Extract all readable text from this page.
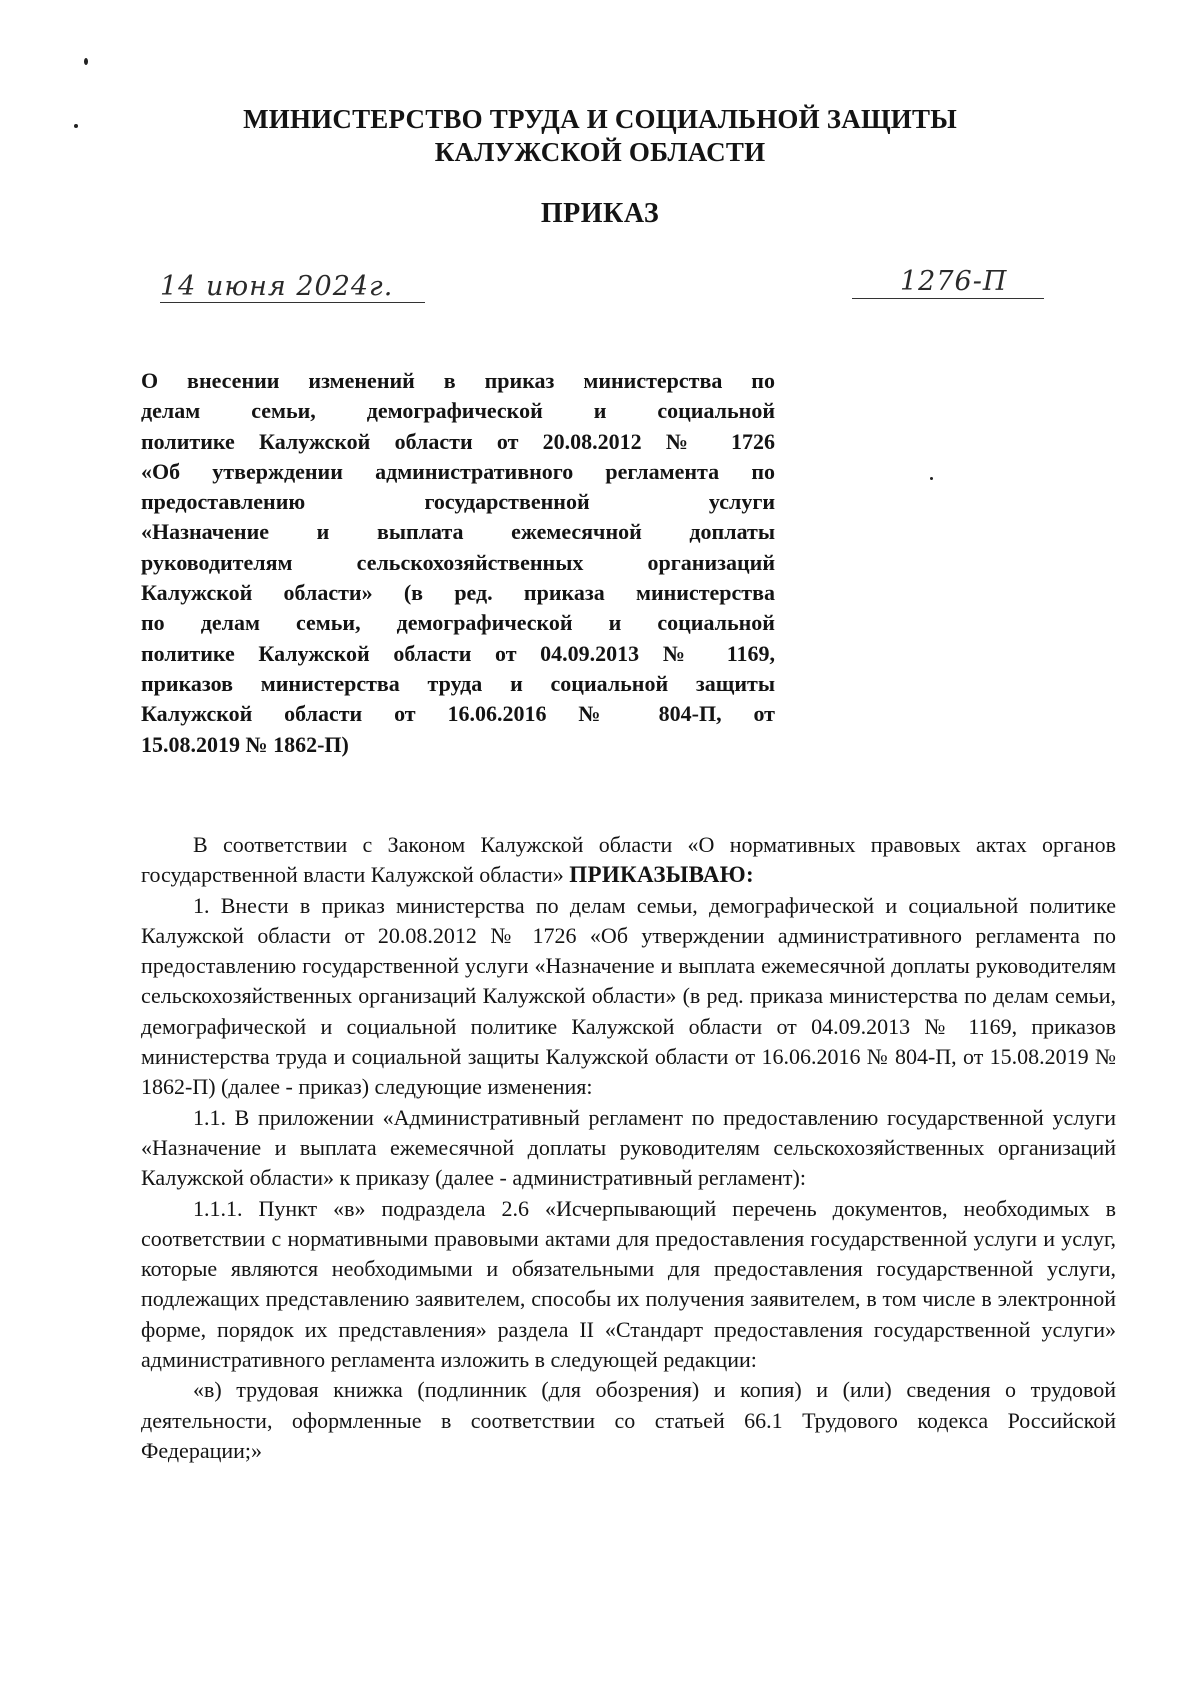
МИНИСТЕРСТВО ТРУДА И СОЦИАЛЬНОЙ ЗАЩИТЫ
КАЛУЖСКОЙ ОБЛАСТИ
ПРИКАЗ
14 июня 2024г.	1276-П
О внесении изменений в приказ министерства по
делам семьи, демографической и социальной
политике Калужской области от 20.08.2012 № 1726
«Об утверждении административного регламента по
предоставлению государственной услуги
«Назначение и выплата ежемесячной доплаты
руководителям сельскохозяйственных организаций
Калужской области» (в ред. приказа министерства
по делам семьи, демографической и социальной
политике Калужской области от 04.09.2013 № 1169,
приказов министерства труда и социальной защиты
Калужской области от 16.06.2016 № 804-П, от
15.08.2019 № 1862-П)

В соответствии с Законом Калужской области «О нормативных правовых актах органов государственной власти Калужской области» ПРИКАЗЫВАЮ:

1. Внести в приказ министерства по делам семьи, демографической и социальной политике Калужской области от 20.08.2012 № 1726 «Об утверждении административного регламента по предоставлению государственной услуги «Назначение и выплата ежемесячной доплаты руководителям сельскохозяйственных организаций Калужской области» (в ред. приказа министерства по делам семьи, демографической и социальной политике Калужской области от 04.09.2013 № 1169, приказов министерства труда и социальной защиты Калужской области от 16.06.2016 № 804-П, от 15.08.2019 № 1862-П) (далее - приказ) следующие изменения:

1.1. В приложении «Административный регламент по предоставлению государственной услуги «Назначение и выплата ежемесячной доплаты руководителям сельскохозяйственных организаций Калужской области» к приказу (далее - административный регламент):

1.1.1. Пункт «в» подраздела 2.6 «Исчерпывающий перечень документов, необходимых в соответствии с нормативными правовыми актами для предоставления государственной услуги и услуг, которые являются необходимыми и обязательными для предоставления государственной услуги, подлежащих представлению заявителем, способы их получения заявителем, в том числе в электронной форме, порядок их представления» раздела II «Стандарт предоставления государственной услуги» административного регламента изложить в следующей редакции:

«в) трудовая книжка (подлинник (для обозрения) и копия) и (или) сведения о трудовой деятельности, оформленные в соответствии со статьей 66.1 Трудового кодекса Российской Федерации;»
